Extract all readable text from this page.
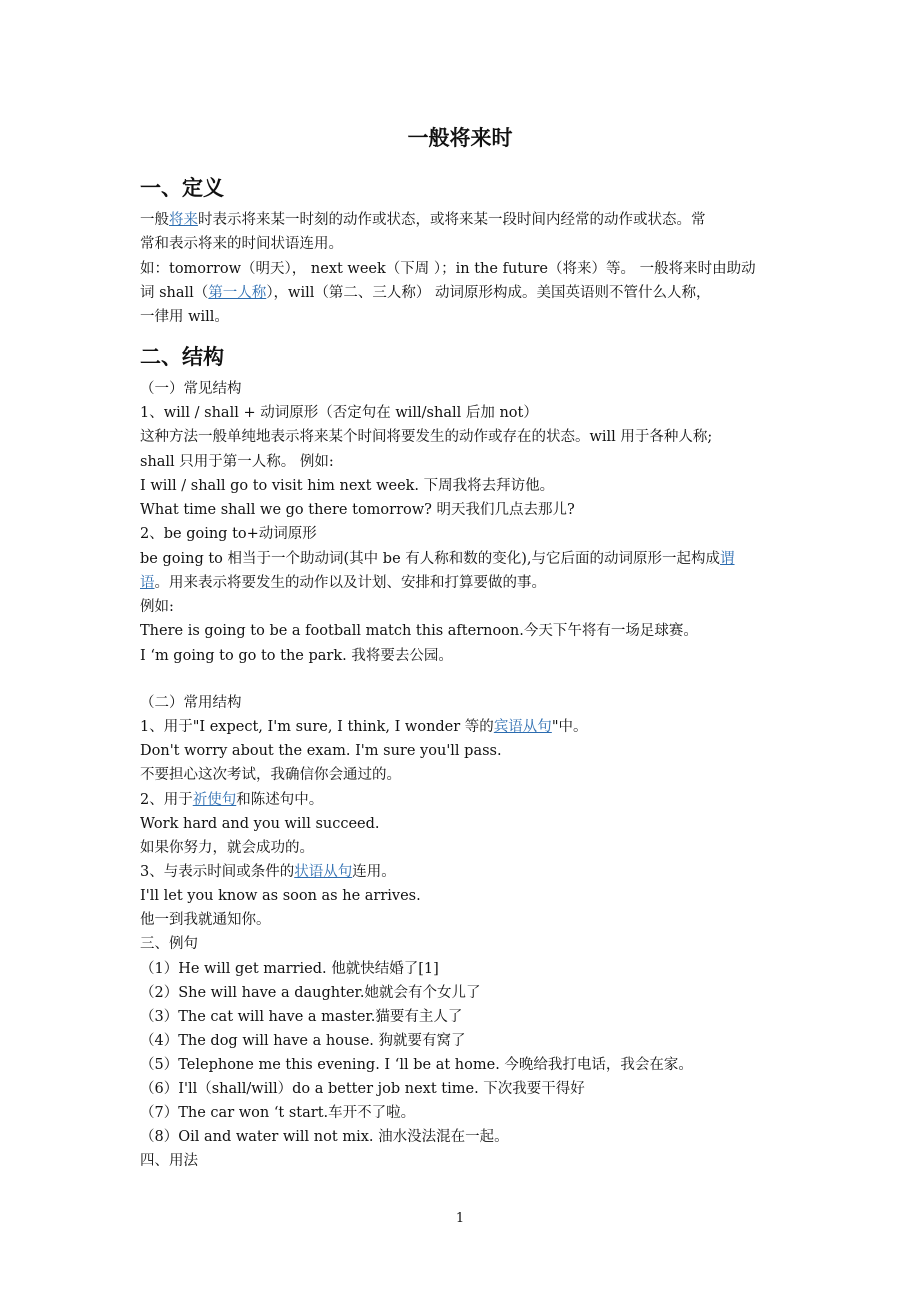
一般将来时
一、定义
一般将来时表示将来某一时刻的动作或状态，或将来某一段时间内经常的动作或状态。常
常和表示将来的时间状语连用。
如：tomorrow（明天）， next week（下周 ）；in the future（将来）等。 一般将来时由助动
词 shall（第一人称），will（第二、三人称） 动词原形构成。美国英语则不管什么人称，
一律用 will。
二、结构
（一）常见结构
1、will / shall + 动词原形（否定句在 will/shall 后加 not）
这种方法一般单纯地表示将来某个时间将要发生的动作或存在的状态。will 用于各种人称;
shall 只用于第一人称。 例如:
I will / shall go to visit him next week. 下周我将去拜访他。
What time shall we go there tomorrow? 明天我们几点去那儿?
2、be going to+动词原形
be going to 相当于一个助动词(其中 be 有人称和数的变化),与它后面的动词原形一起构成谓
语。用来表示将要发生的动作以及计划、安排和打算要做的事。
例如:
There is going to be a football match this afternoon.今天下午将有一场足球赛。
I ‘m going to go to the park. 我将要去公园。
（二）常用结构
1、用于"I expect, I'm sure, I think, I wonder 等的宾语从句"中。
Don't worry about the exam. I'm sure you'll pass.
不要担心这次考试，我确信你会通过的。
2、用于祈使句和陈述句中。
Work hard and you will succeed.
如果你努力，就会成功的。
3、与表示时间或条件的状语从句连用。
I'll let you know as soon as he arrives.
他一到我就通知你。
三、例句
（1）He will get married. 他就快结婚了[1]
（2）She will have a daughter.她就会有个女儿了
（3）The cat will have a master.猫要有主人了
（4）The dog will have a house. 狗就要有窝了
（5）Telephone me this evening. I ‘ll be at home. 今晚给我打电话，我会在家。
（6）I'll（shall/will）do a better job next time. 下次我要干得好
（7）The car won ‘t start.车开不了啦。
（8）Oil and water will not mix. 油水没法混在一起。
四、用法
1
